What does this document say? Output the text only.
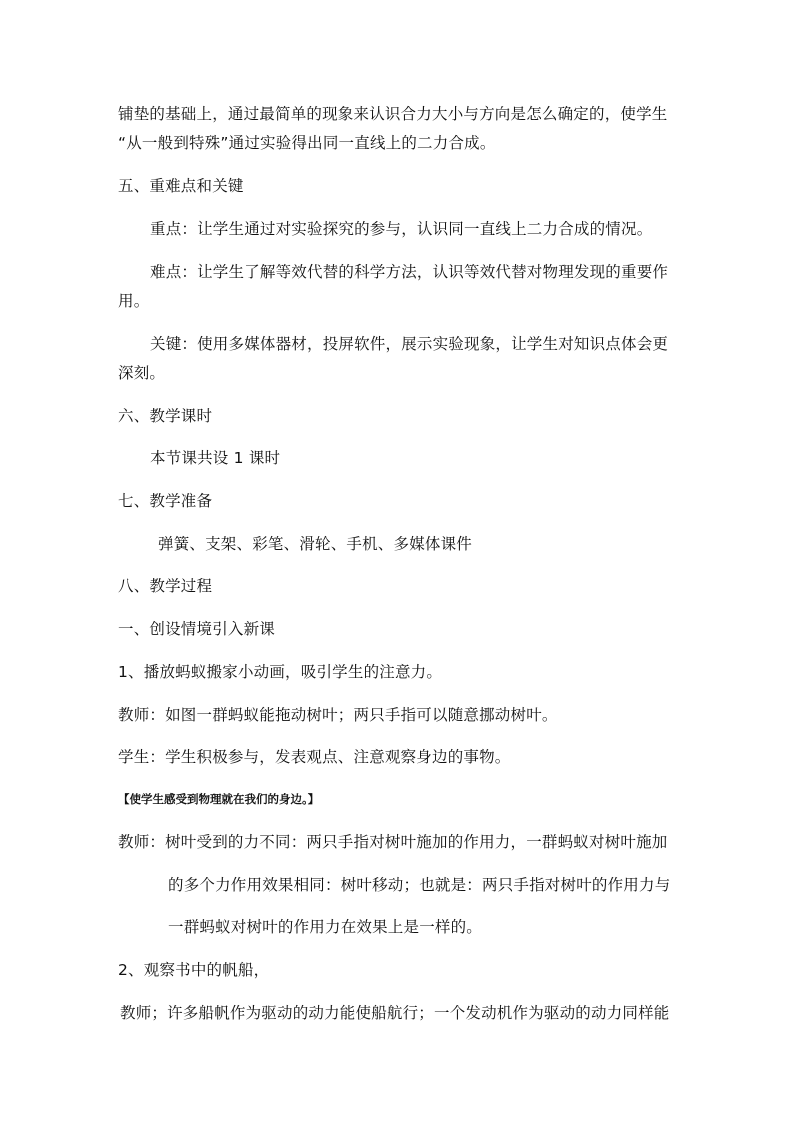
铺垫的基础上，通过最简单的现象来认识合力大小与方向是怎么确定的，使学生
“从一般到特殊”通过实验得出同一直线上的二力合成。
五、重难点和关键
重点：让学生通过对实验探究的参与，认识同一直线上二力合成的情况。
难点：让学生了解等效代替的科学方法，认识等效代替对物理发现的重要作
用。
关键：使用多媒体器材，投屏软件，展示实验现象，让学生对知识点体会更
深刻。
六、教学课时
本节课共设 1 课时
七、教学准备
弹簧、支架、彩笔、滑轮、手机、多媒体课件
八、教学过程
一、创设情境引入新课
1、播放蚂蚁搬家小动画，吸引学生的注意力。
教师：如图一群蚂蚁能拖动树叶；两只手指可以随意挪动树叶。
学生：学生积极参与，发表观点、注意观察身边的事物。
【使学生感受到物理就在我们的身边。】
教师：树叶受到的力不同：两只手指对树叶施加的作用力，一群蚂蚁对树叶施加
的多个力作用效果相同：树叶移动；也就是：两只手指对树叶的作用力与
一群蚂蚁对树叶的作用力在效果上是一样的。
2、观察书中的帆船，
教师；许多船帆作为驱动的动力能使船航行；一个发动机作为驱动的动力同样能
